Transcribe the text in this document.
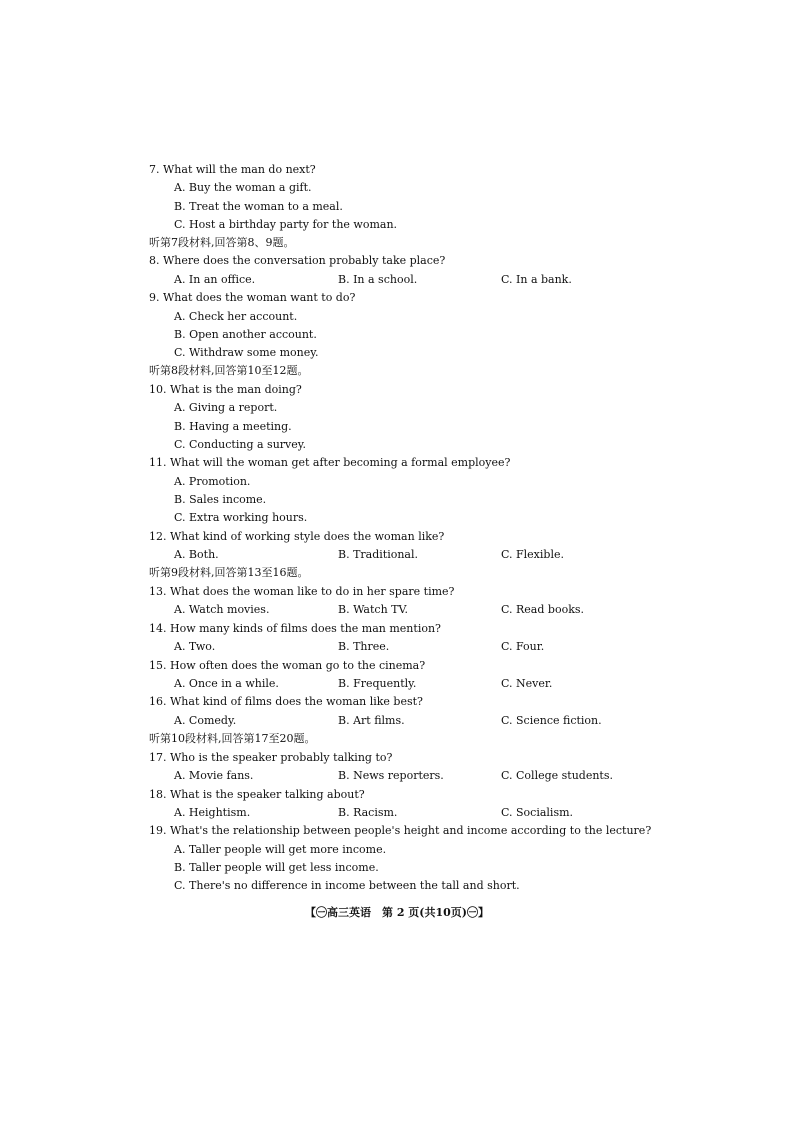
7. What will the man do next?
A. Buy the woman a gift.
B. Treat the woman to a meal.
C. Host a birthday party for the woman.
听第7段材料,回答第8、9题。
8. Where does the conversation probably take place?
A. In an office.	B. In a school.	C. In a bank.
9. What does the woman want to do?
A. Check her account.
B. Open another account.
C. Withdraw some money.
听第8段材料,回答第10至12题。
10. What is the man doing?
A. Giving a report.
B. Having a meeting.
C. Conducting a survey.
11. What will the woman get after becoming a formal employee?
A. Promotion.
B. Sales income.
C. Extra working hours.
12. What kind of working style does the woman like?
A. Both.	B. Traditional.	C. Flexible.
听第9段材料,回答第13至16题。
13. What does the woman like to do in her spare time?
A. Watch movies.	B. Watch TV.	C. Read books.
14. How many kinds of films does the man mention?
A. Two.	B. Three.	C. Four.
15. How often does the woman go to the cinema?
A. Once in a while.	B. Frequently.	C. Never.
16. What kind of films does the woman like best?
A. Comedy.	B. Art films.	C. Science fiction.
听第10段材料,回答第17至20题。
17. Who is the speaker probably talking to?
A. Movie fans.	B. News reporters.	C. College students.
18. What is the speaker talking about?
A. Heightism.	B. Racism.	C. Socialism.
19. What's the relationship between people's height and income according to the lecture?
A. Taller people will get more income.
B. Taller people will get less income.
C. There's no difference in income between the tall and short.
【㊀高三英语　第 2 页(共10页)㊀】
